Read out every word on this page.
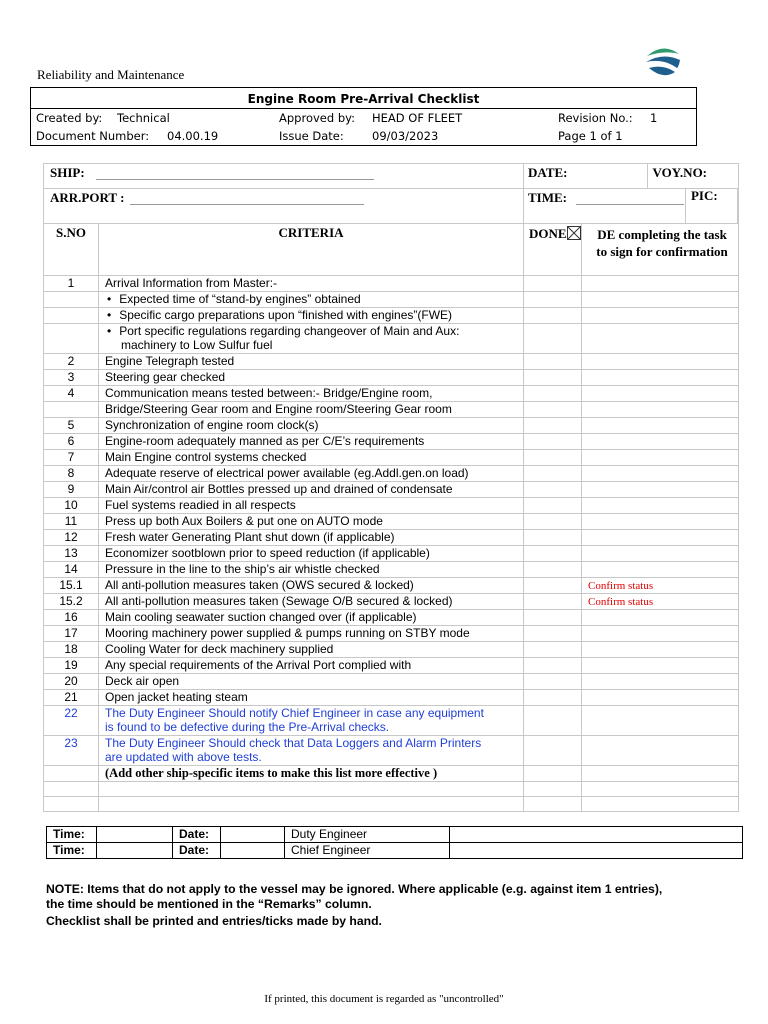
Reliability and Maintenance
Engine Room Pre-Arrival Checklist
Created by: Technical	Approved by: HEAD OF FLEET	Revision No.: 1
Document Number: 04.00.19	Issue Date: 09/03/2023	Page 1 of 1
SHIP:		DATE: VOY.NO:	

ARR.PORT :		TIME: PIC:	

S.NO	CRITERIA	DONE	DE completing the task to sign for confirmation
1	Arrival Information from Master:-		

	• Expected time of “stand-by engines” obtained

	• Specific cargo preparations upon “finished with engines”(FWE)

	• Port specific regulations regarding changeover of Main and Aux:
machinery to Low Sulfur fuel

2	Engine Telegraph tested		

3	Steering gear checked		

4	Communication means tested between:- Bridge/Engine room,		

	Bridge/Steering Gear room and Engine room/Steering Gear room		

5	Synchronization of engine room clock(s)		

6	Engine-room adequately manned as per C/E’s requirements		

7	Main Engine control systems checked		

8	Adequate reserve of electrical power available (eg.Addl.gen.on load)		

9	Main Air/control air Bottles pressed up and drained of condensate		

10	Fuel systems readied in all respects		

11	Press up both Aux Boilers & put one on AUTO mode		

12	Fresh water Generating Plant shut down (if applicable)		

13	Economizer sootblown prior to speed reduction (if applicable)		

14	Pressure in the line to the ship’s air whistle checked		

15.1	All anti-pollution measures taken (OWS secured & locked)		Confirm status
15.2	All anti-pollution measures taken (Sewage O/B secured & locked)		Confirm status
16	Main cooling seawater suction changed over (if applicable)		

17	Mooring machinery power supplied & pumps running on STBY mode		

18	Cooling Water for deck machinery supplied		

19	Any special requirements of the Arrival Port complied with		

20	Deck air open		

21	Open jacket heating steam		

22	The Duty Engineer Should notify Chief Engineer in case any equipment
is found to be defective during the Pre-Arrival checks.		

23	The Duty Engineer Should check that Data Loggers and Alarm Printers
are updated with above tests.		

	(Add other ship-specific items to make this list more effective )		

Time:		Date:		Duty Engineer	
Time:		Date:		Chief Engineer	
NOTE: Items that do not apply to the vessel may be ignored. Where applicable (e.g. against item 1 entries),
the time should be mentioned in the “Remarks” column.
Checklist shall be printed and entries/ticks made by hand.
If printed, this document is regarded as "uncontrolled"
